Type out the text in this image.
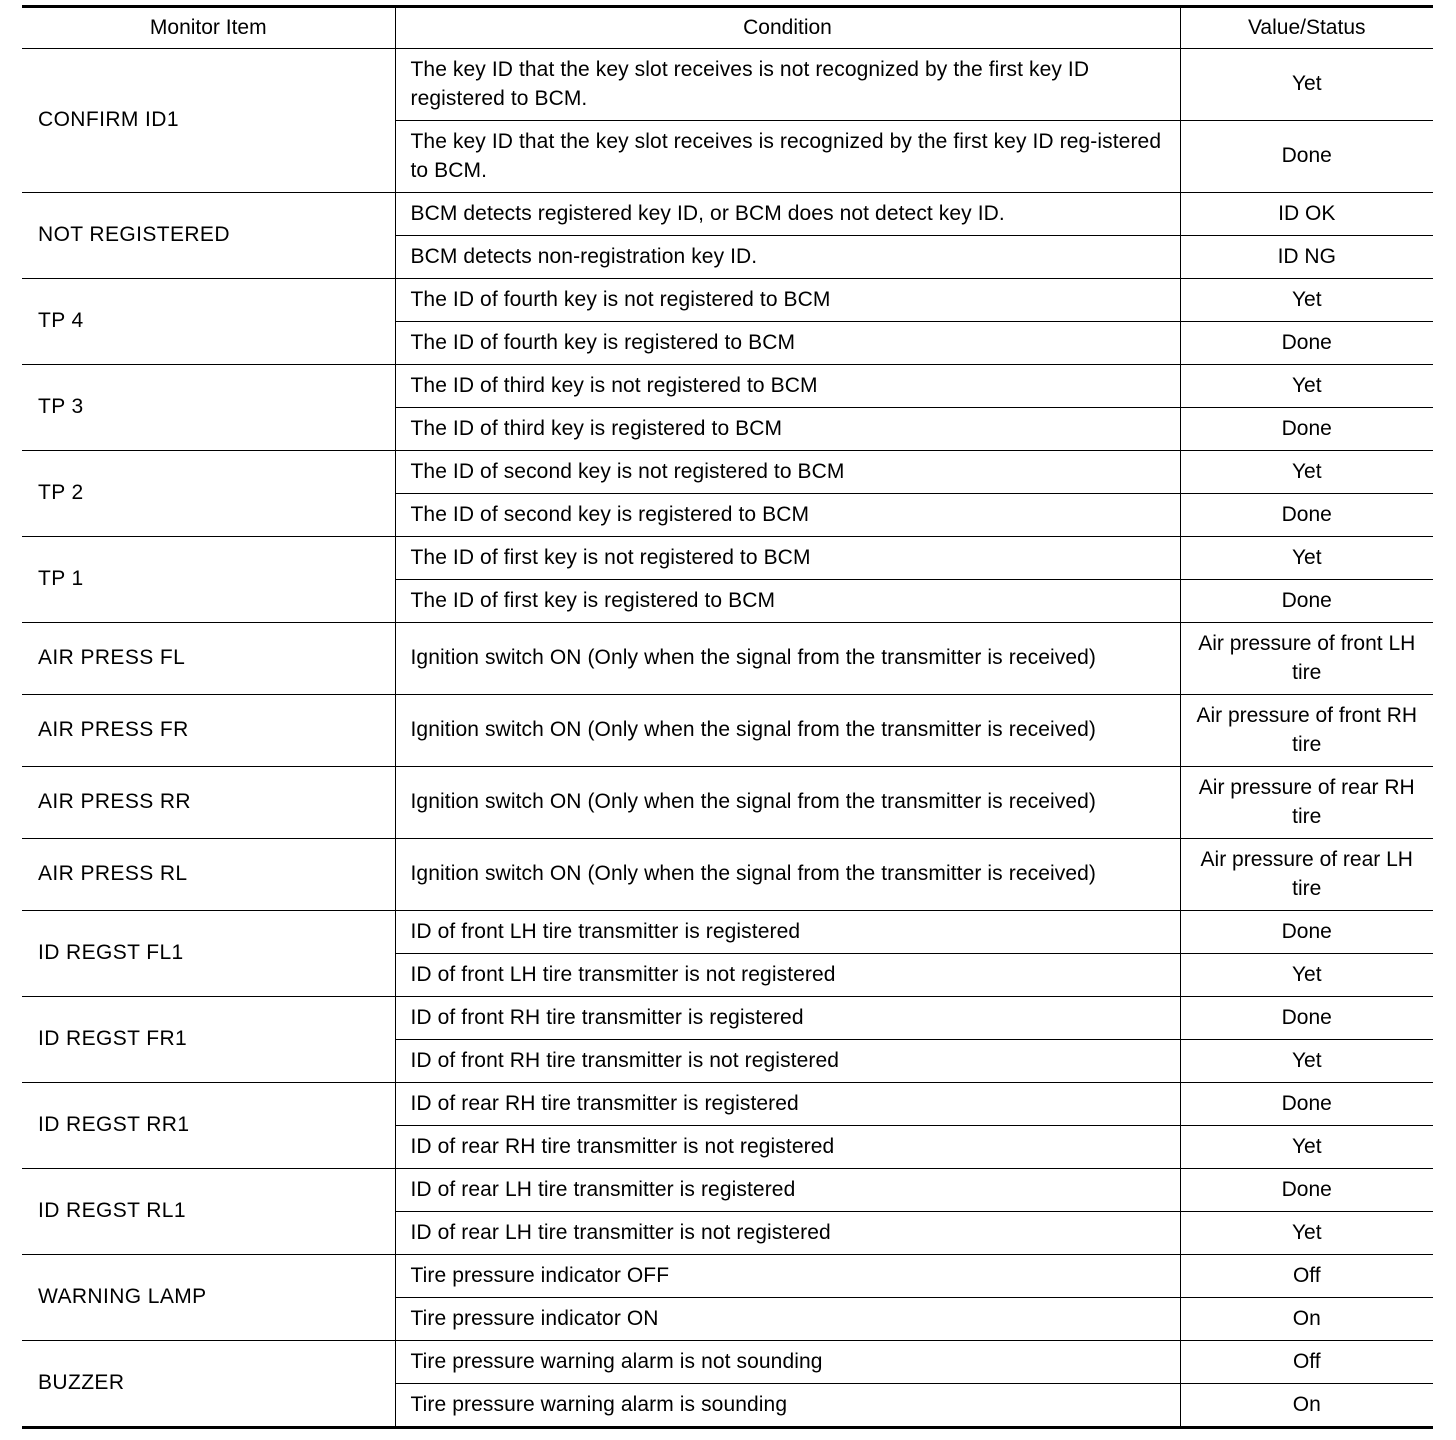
Monitor Item	Condition	Value/Status
CONFIRM ID1	The key ID that the key slot receives is not recognized by the first key ID registered to BCM.	Yet
	The key ID that the key slot receives is recognized by the first key ID reg-istered to BCM.	Done
NOT REGISTERED	BCM detects registered key ID, or BCM does not detect key ID.	ID OK
	BCM detects non-registration key ID.	ID NG
TP 4	The ID of fourth key is not registered to BCM	Yet
	The ID of fourth key is registered to BCM	Done
TP 3	The ID of third key is not registered to BCM	Yet
	The ID of third key is registered to BCM	Done
TP 2	The ID of second key is not registered to BCM	Yet
	The ID of second key is registered to BCM	Done
TP 1	The ID of first key is not registered to BCM	Yet
	The ID of first key is registered to BCM	Done
AIR PRESS FL	Ignition switch ON (Only when the signal from the transmitter is received)	Air pressure of front LH tire
AIR PRESS FR	Ignition switch ON (Only when the signal from the transmitter is received)	Air pressure of front RH tire
AIR PRESS RR	Ignition switch ON (Only when the signal from the transmitter is received)	Air pressure of rear RH tire
AIR PRESS RL	Ignition switch ON (Only when the signal from the transmitter is received)	Air pressure of rear LH tire
ID REGST FL1	ID of front LH tire transmitter is registered	Done
	ID of front LH tire transmitter is not registered	Yet
ID REGST FR1	ID of front RH tire transmitter is registered	Done
	ID of front RH tire transmitter is not registered	Yet
ID REGST RR1	ID of rear RH tire transmitter is registered	Done
	ID of rear RH tire transmitter is not registered	Yet
ID REGST RL1	ID of rear LH tire transmitter is registered	Done
	ID of rear LH tire transmitter is not registered	Yet
WARNING LAMP	Tire pressure indicator OFF	Off
	Tire pressure indicator ON	On
BUZZER	Tire pressure warning alarm is not sounding	Off
	Tire pressure warning alarm is sounding	On
